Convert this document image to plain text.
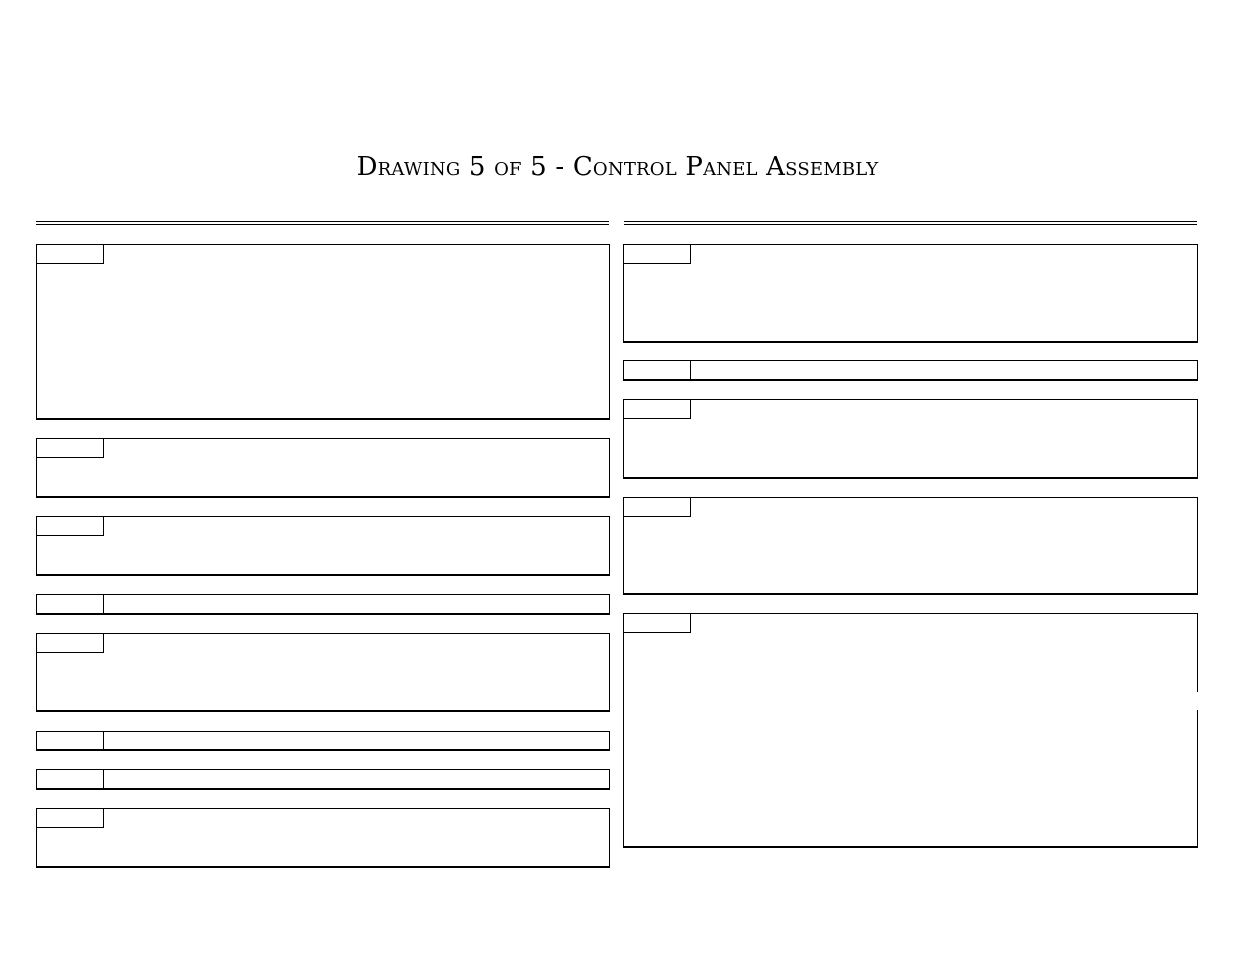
Drawing 5 of 5 - Control Panel Assembly
